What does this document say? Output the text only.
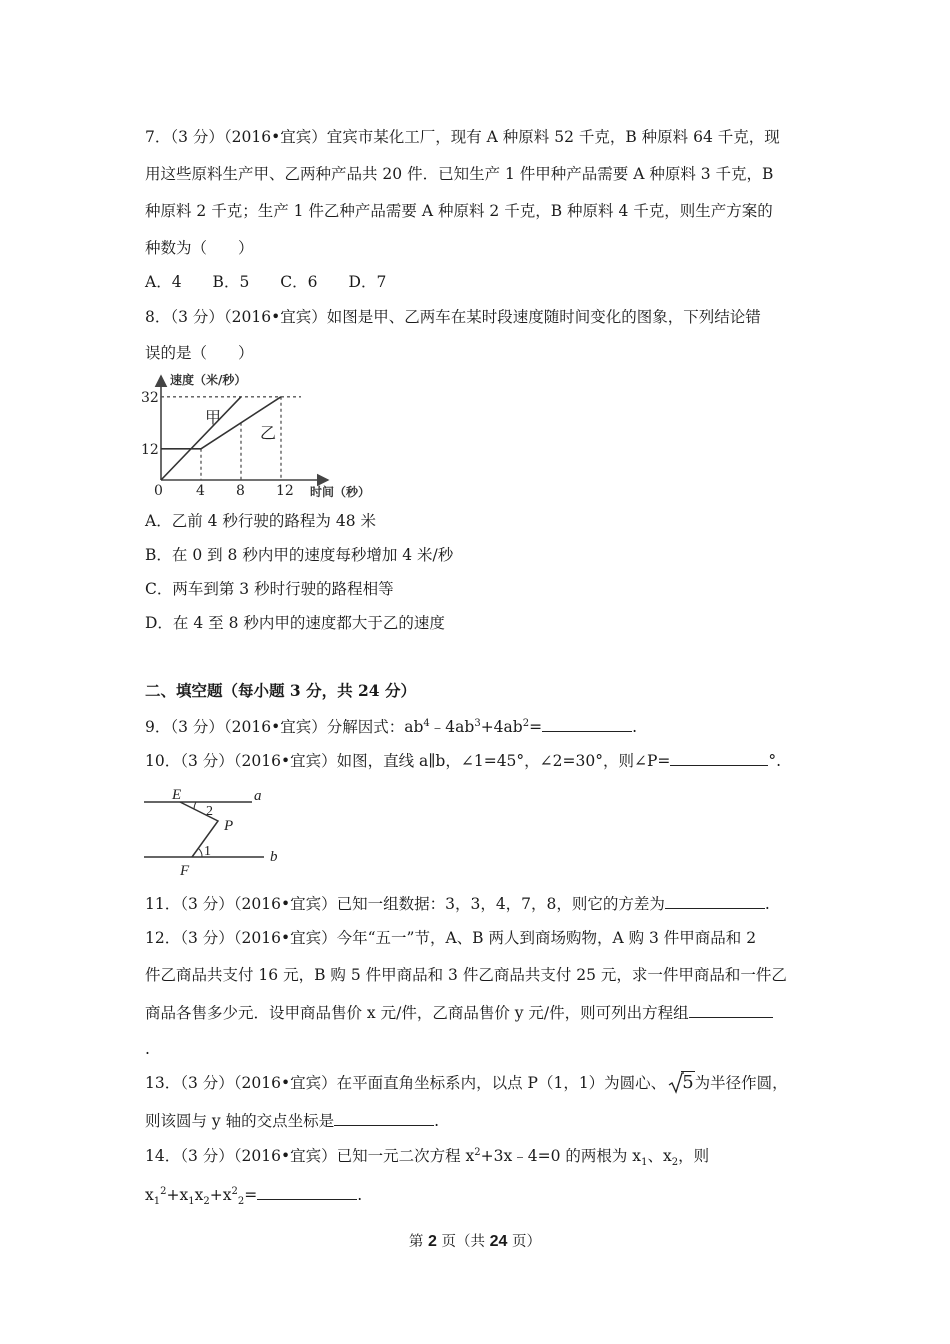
7．（3 分）（2016•宜宾）宜宾市某化工厂，现有 A 种原料 52 千克，B 种原料 64 千克，现
用这些原料生产甲、乙两种产品共 20 件．已知生产 1 件甲种产品需要 A 种原料 3 千克，B
种原料 2 千克；生产 1 件乙种产品需要 A 种原料 2 千克，B 种原料 4 千克，则生产方案的
种数为（　　）
A．4　　B．5　　C．6　　D．7
8．（3 分）（2016•宜宾）如图是甲、乙两车在某时段速度随时间变化的图象，下列结论错
误的是（　　）
4 8 12
12
32
甲
乙
速度（米/秒）
时间（秒）
0
A．乙前 4 秒行驶的路程为 48 米
B．在 0 到 8 秒内甲的速度每秒增加 4 米/秒
C．两车到第 3 秒时行驶的路程相等
D．在 4 至 8 秒内甲的速度都大于乙的速度
二、填空题（每小题 3 分，共 24 分）
9．（3 分）（2016•宜宾）分解因式：$ab^4﹣4ab^3+4ab^2=$	.
10．（3 分）（2016•宜宾）如图，直线 a∥b，∠1=45°，∠2=30°，则∠P=	°.
E	a
P
F
b
2
1
11．（3 分）（2016•宜宾）已知一组数据：3，3，4，7，8，则它的方差为	.
12．（3 分）（2016•宜宾）今年“五一”节，A、B 两人到商场购物，A 购 3 件甲商品和 2
件乙商品共支付 16 元，B 购 5 件甲商品和 3 件乙商品共支付 25 元，求一件甲商品和一件乙
商品各售多少元．设甲商品售价 x 元/件，乙商品售价 y 元/件，则可列出方程组
.
13．（3 分）（2016•宜宾）在平面直角坐标系内，以点 P（1，1）为圆心、 5为半径作圆，
则该圆与 y 轴的交点坐标是	.
14．（3 分）（2016•宜宾）已知一元二次方程 $x^2+3x﹣4=0$ 的两根为 $x_1$、$x_2$，则
$x_1^2+x_1x_2+x^2_2=$	.
第 2 页（共 24 页）
